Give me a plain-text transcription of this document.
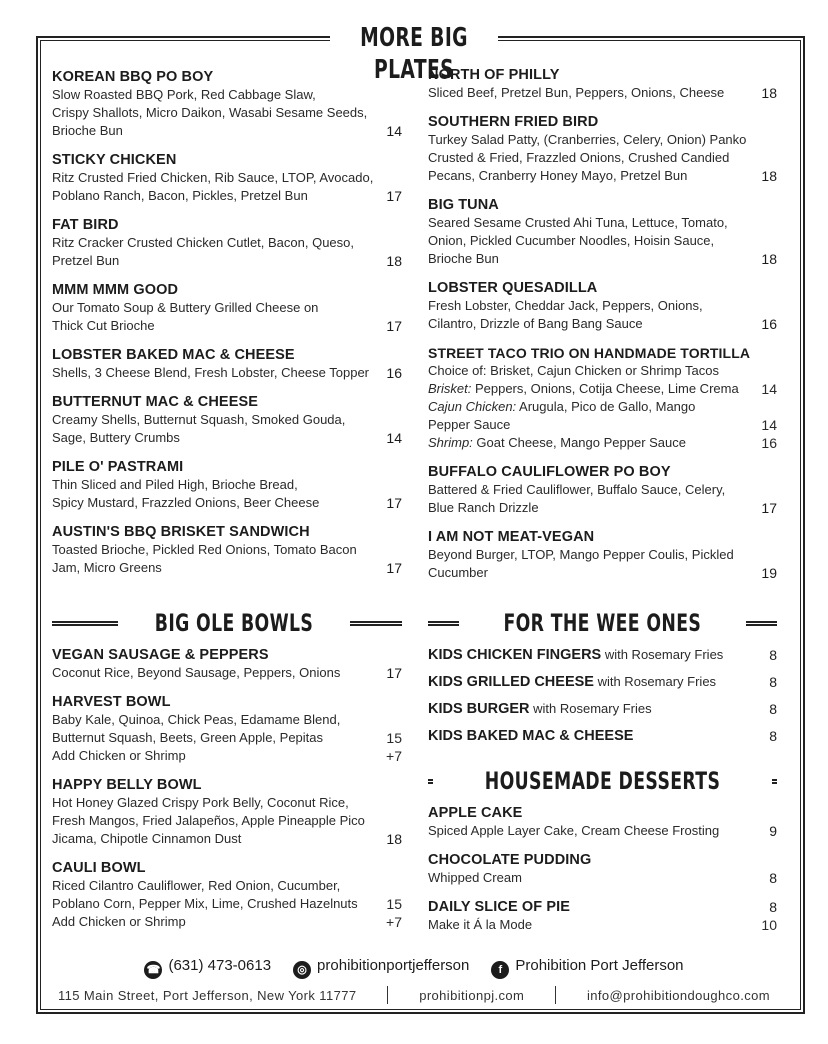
MORE BIG PLATES
KOREAN BBQ PO BOY
Slow Roasted BBQ Pork, Red Cabbage Slaw,
Crispy Shallots, Micro Daikon, Wasabi Sesame Seeds,
Brioche Bun	14
STICKY CHICKEN
Ritz Crusted Fried Chicken, Rib Sauce, LTOP, Avocado,
Poblano Ranch, Bacon, Pickles, Pretzel Bun	17
FAT BIRD
Ritz Cracker Crusted Chicken Cutlet, Bacon, Queso,
Pretzel Bun	18
MMM MMM GOOD
Our Tomato Soup & Buttery Grilled Cheese on
Thick Cut Brioche	17
LOBSTER BAKED MAC & CHEESE
Shells, 3 Cheese Blend, Fresh Lobster, Cheese Topper	16
BUTTERNUT MAC & CHEESE
Creamy Shells, Butternut Squash, Smoked Gouda,
Sage, Buttery Crumbs	14
PILE O' PASTRAMI
Thin Sliced and Piled High, Brioche Bread,
Spicy Mustard, Frazzled Onions, Beer Cheese	17
AUSTIN'S BBQ BRISKET SANDWICH
Toasted Brioche, Pickled Red Onions, Tomato Bacon
Jam, Micro Greens	17
NORTH OF PHILLY
Sliced Beef, Pretzel Bun, Peppers, Onions, Cheese	18
SOUTHERN FRIED BIRD
Turkey Salad Patty, (Cranberries, Celery, Onion) Panko
Crusted & Fried, Frazzled Onions, Crushed Candied
Pecans, Cranberry Honey Mayo, Pretzel Bun	18
BIG TUNA
Seared Sesame Crusted Ahi Tuna, Lettuce, Tomato,
Onion, Pickled Cucumber Noodles, Hoisin Sauce,
Brioche Bun	18
LOBSTER QUESADILLA
Fresh Lobster, Cheddar Jack, Peppers, Onions,
Cilantro, Drizzle of Bang Bang Sauce	16
STREET TACO TRIO ON HANDMADE TORTILLA
Choice of: Brisket, Cajun Chicken or Shrimp Tacos
Brisket: Peppers, Onions, Cotija Cheese, Lime Crema 14
Cajun Chicken: Arugula, Pico de Gallo, Mango
Pepper Sauce	14
Shrimp: Goat Cheese, Mango Pepper Sauce	16
BUFFALO CAULIFLOWER PO BOY
Battered & Fried Cauliflower, Buffalo Sauce, Celery,
Blue Ranch Drizzle	17
I AM NOT MEAT-VEGAN
Beyond Burger, LTOP, Mango Pepper Coulis, Pickled
Cucumber	19
BIG OLE BOWLS	FOR THE WEE ONES
HOUSEMADE DESSERTS
VEGAN SAUSAGE & PEPPERS
Coconut Rice, Beyond Sausage, Peppers, Onions	17
HARVEST BOWL
Baby Kale, Quinoa, Chick Peas, Edamame Blend,
Butternut Squash, Beets, Green Apple, Pepitas	15
Add Chicken or Shrimp	+7
HAPPY BELLY BOWL
Hot Honey Glazed Crispy Pork Belly, Coconut Rice,
Fresh Mangos, Fried Jalapeños, Apple Pineapple Pico
Jicama, Chipotle Cinnamon Dust	18
CAULI BOWL
Riced Cilantro Cauliflower, Red Onion, Cucumber,
Poblano Corn, Pepper Mix, Lime, Crushed Hazelnuts 15
Add Chicken or Shrimp	+7
KIDS CHICKEN FINGERS with Rosemary Fries	8
KIDS GRILLED CHEESE with Rosemary Fries	8
KIDS BURGER with Rosemary Fries	8
KIDS BAKED MAC & CHEESE	8
APPLE CAKE
Spiced Apple Layer Cake, Cream Cheese Frosting	9
CHOCOLATE PUDDING
Whipped Cream	8
DAILY SLICE OF PIE	8
Make it Á la Mode	10
☎ (631) 473-0613	◎ prohibitionportjefferson	f Prohibition Port Jefferson
115 Main Street, Port Jefferson, New York 11777	prohibitionpj.com	info@prohibitiondoughco.com
